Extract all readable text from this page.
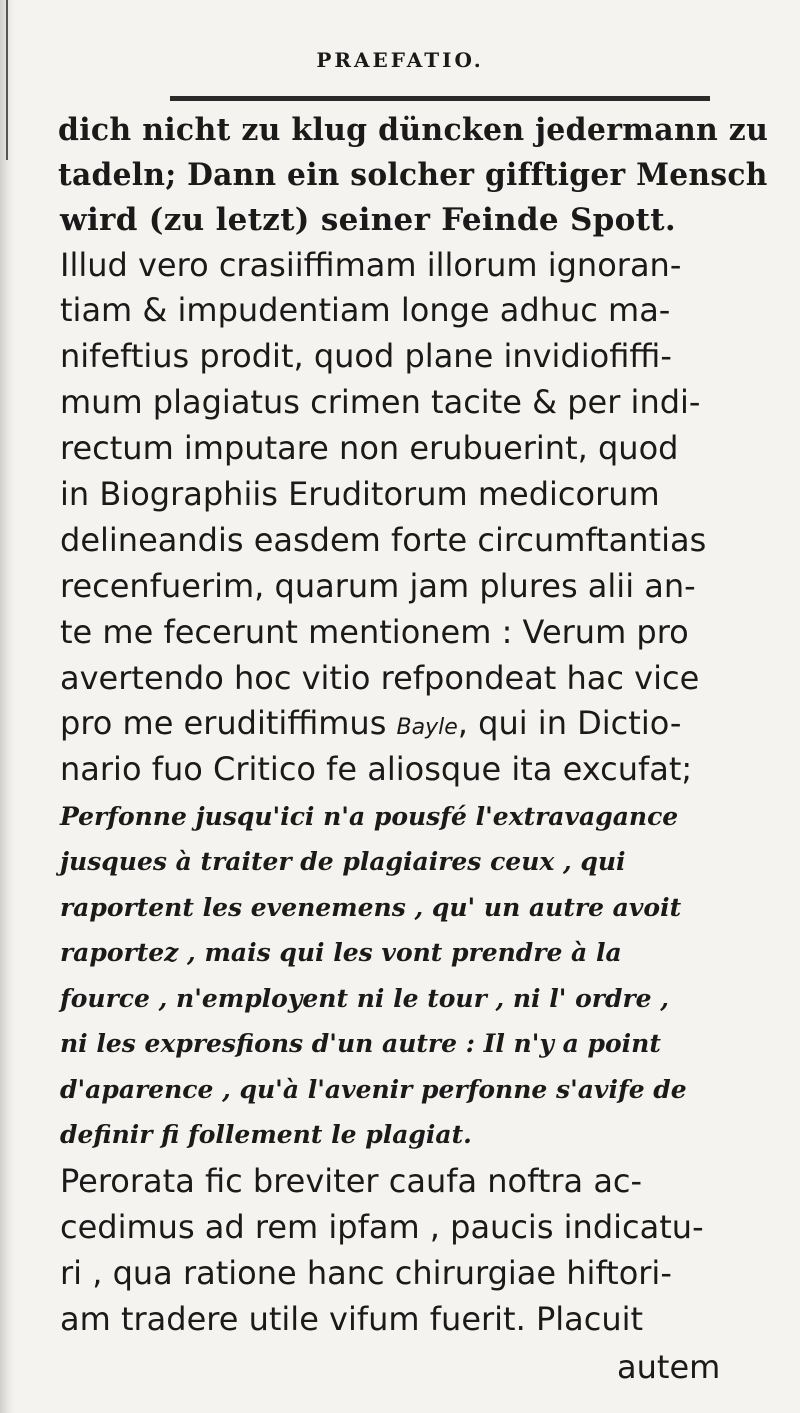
PRAEFATIO.
dich nicht zu klug düncken jedermann zu
tadeln; Dann ein solcher gifftiger Mensch
wird (zu letzt) seiner Feinde Spott.
Illud vero crasiiffimam illorum ignoran-
tiam & impudentiam longe adhuc ma-
nifeftius prodit, quod plane invidiofiffi-
mum plagiatus crimen tacite & per indi-
rectum imputare non erubuerint, quod
in Biographiis Eruditorum medicorum
delineandis easdem forte circumftantias
recenfuerim, quarum jam plures alii an-
te me fecerunt mentionem : Verum pro
avertendo hoc vitio refpondeat hac vice
pro me eruditiffimus Bayle, qui in Dictio-
nario fuo Critico fe aliosque ita excufat;
Perfonne jusqu'ici n'a pousfé l'extravagance
jusques à traiter de plagiaires ceux , qui
raportent les evenemens , qu' un autre avoit
raportez , mais qui les vont prendre à la
fource , n'employent ni le tour , ni l' ordre ,
ni les expresfions d'un autre : Il n'y a point
d'aparence , qu'à l'avenir perfonne s'avife de
definir fi follement le plagiat.
Perorata fic breviter caufa noftra ac-
cedimus ad rem ipfam , paucis indicatu-
ri , qua ratione hanc chirurgiae hiftori-
am tradere utile vifum fuerit. Placuit
autem
